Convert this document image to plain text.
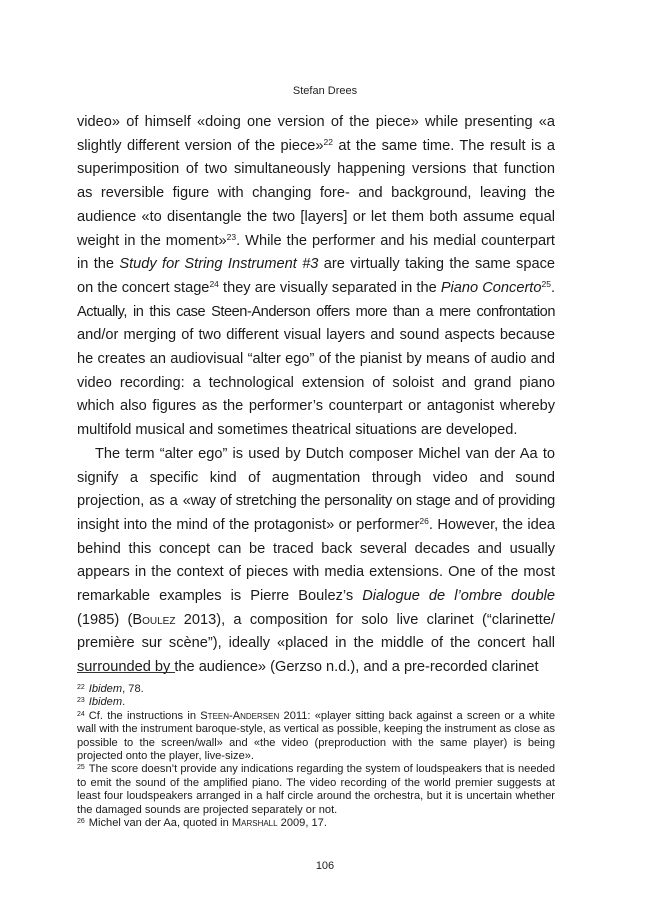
Stefan Drees

video» of himself «doing one version of the piece» while presenting «a slightly different version of the piece»$^{22}$ at the same time. The result is a superimposition of two simultaneously happening versions that function as reversible figure with changing fore- and background, leaving the audience «to disentangle the two [layers] or let them both assume equal weight in the moment»$^{23}$. While the performer and his medial counterpart in the Study for String Instrument #3 are virtually taking the same space on the concert stage$^{24}$ they are visually separated in the Piano Concerto$^{25}$. Actually, in this case Steen-Anderson offers more than a mere confrontation and/or merging of two different visual layers and sound aspects because he creates an audiovisual “alter ego” of the pianist by means of audio and video recording: a technological extension of soloist and grand piano which also figures as the performer’s counterpart or antagonist whereby multifold musical and sometimes theatrical situations are developed.

The term “alter ego” is used by Dutch composer Michel van der Aa to signify a specific kind of augmentation through video and sound projection, as a «way of stretching the personality on stage and of providing insight into the mind of the protagonist» or performer$^{26}$. However, the idea behind this concept can be traced back several decades and usually appears in the context of pieces with media extensions. One of the most remarkable examples is Pierre Boulez’s Dialogue de l’ombre double (1985) (Boulez 2013), a composition for solo live clarinet (“clarinette/ première sur scène”), ideally «placed in the middle of the concert hall surrounded by the audience» (Gerzso n.d.), and a pre-recorded clarinet

$^{22}$ Ibidem, 78.

$^{23}$ Ibidem.

$^{24}$ Cf. the instructions in Steen-Andersen 2011: «player sitting back against a screen or a white wall with the instrument baroque-style, as vertical as possible, keeping the instrument as close as possible to the screen/wall» and «the video (preproduction with the same player) is being projected onto the player, live-size».

$^{25}$ The score doesn’t provide any indications regarding the system of loudspeakers that is needed to emit the sound of the amplified piano. The video recording of the world premier suggests at least four loudspeakers arranged in a half circle around the orchestra, but it is uncertain whether the damaged sounds are projected separately or not.

$^{26}$ Michel van der Aa, quoted in Marshall 2009, 17.

106
